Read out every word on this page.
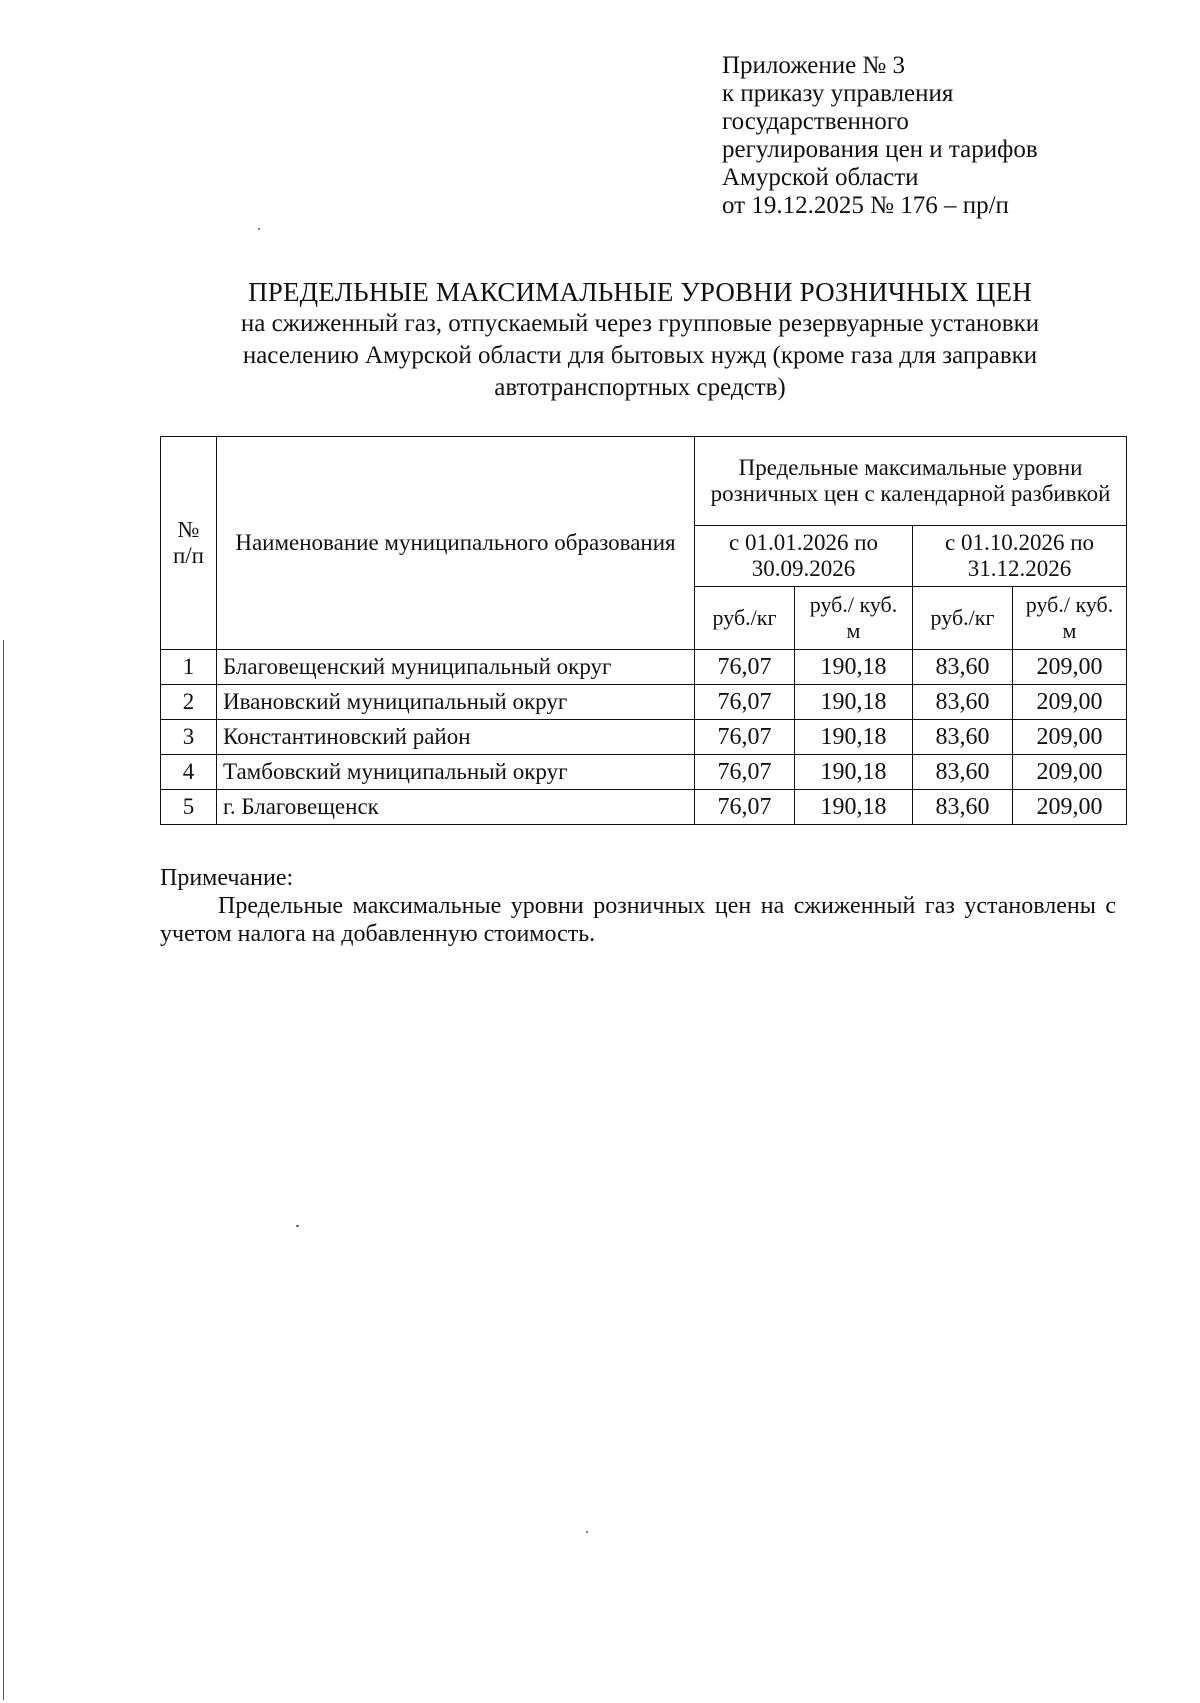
Приложение № 3
к приказу управления
государственного
регулирования цен и тарифов
Амурской области
от 19.12.2025 № 176 – пр/п
ПРЕДЕЛЬНЫЕ МАКСИМАЛЬНЫЕ УРОВНИ РОЗНИЧНЫХ ЦЕН
на сжиженный газ, отпускаемый через групповые резервуарные установки
населению Амурской области для бытовых нужд (кроме газа для заправки
автотранспортных средств)
№ п/п	Наименование муниципального образования	Предельные максимальные уровни розничных цен с календарной разбивкой			
		с 01.01.2026 по 30.09.2026		с 01.10.2026 по 31.12.2026	
		руб./кг	руб./ куб. м	руб./кг	руб./ куб. м
1	Благовещенский муниципальный округ	76,07	190,18	83,60	209,00
2	Ивановский муниципальный округ	76,07	190,18	83,60	209,00
3	Константиновский район	76,07	190,18	83,60	209,00
4	Тамбовский муниципальный округ	76,07	190,18	83,60	209,00
5	г. Благовещенск	76,07	190,18	83,60	209,00
Примечание:
Предельные максимальные уровни розничных цен на сжиженный газ установлены с учетом налога на добавленную стоимость.
